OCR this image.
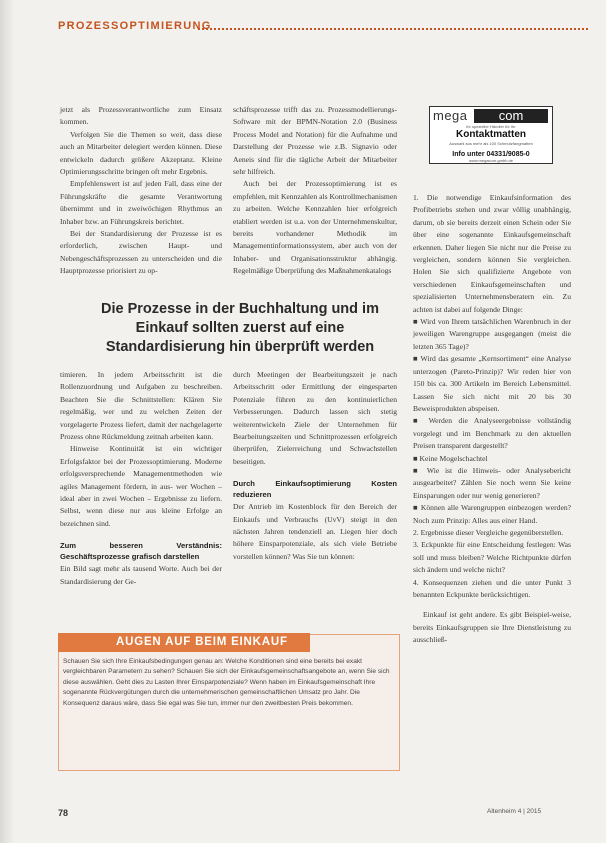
PROZESSOPTIMIERUNG

jetzt als Prozessverantwortliche zum Einsatz kommen.

Verfolgen Sie die Themen so weit, dass diese auch an Mitarbeiter delegiert werden können. Diese entwickeln dadurch größere Akzeptanz. Kleine Optimierungsschritte bringen oft mehr Ergebnis.

Empfehlenswert ist auf jeden Fall, dass eine der Führungskräfte die gesamte Verantwortung übernimmt und in zweiwöchigen Rhythmus an Inhaber bzw. an Führungskreis berichtet.

Bei der Standardisierung der Prozesse ist es erforderlich, zwischen Haupt- und Nebengeschäftsprozessen zu unterscheiden und die Hauptprozesse priorisiert zu op-

schäftsprozesse trifft das zu. Prozessmodellierungs-Software mit der BPMN-Notation 2.0 (Business Process Model and Notation) für die Aufnahme und Darstellung der Prozesse wie z.B. Signavio oder Aeneis sind für die tägliche Arbeit der Mitarbeiter sehr hilfreich.

Auch bei der Prozessoptimierung ist es empfehlen, mit Kennzahlen als Kontrollmechanismen zu arbeiten. Welche Kennzahlen hier erfolgreich etabliert werden ist u.a. von der Unternehmenskultur, bereits vorhandener Methodik im Managementinformationssystem, aber auch von der Inhaber- und Organisationsstruktur abhängig. Regelmäßige Überprüfung des Maßnahmenkatalogs

mega	com
ihr spezieller Händler für Ihr
Kontaktmatten
Auswahl aus mehr als 100 Schmutzfangmatten
Info unter 04331/9085-0
www.megacom-gmbh.de
Die Prozesse in der Buchhaltung und im Einkauf sollten zuerst auf eine Standardisierung hin überprüft werden

timieren. In jedem Arbeitsschritt ist die Rollenzuordnung und Aufgaben zu beschreiben. Beachten Sie die Schnittstellen: Klären Sie regelmäßig, wer und zu welchen Zeiten der vorgelagerte Prozess liefert, damit der nachgelagerte Prozess ohne Rückmeldung zeitnah arbeiten kann.

Hinweise Kontinuität ist ein wichtiger Erfolgsfaktor bei der Prozessoptimierung. Moderne erfolgsversprechende Managementmethoden wie agiles Management fördern, in aus- wer Wochen – ideal aber in zwei Wochen – Ergebnisse zu liefern. Selbst, wenn diese nur aus kleine Erfolge an bezeichnen sind.

Zum besseren Verständnis: Geschäftsprozesse grafisch darstellen

Ein Bild sagt mehr als tausend Worte. Auch bei der Standardisierung der Ge-

durch Meetingen der Bearbeitungszeit je nach Arbeitsschritt oder Ermittlung der eingesparten Potenziale führen zu den kontinuierlichen Verbesserungen. Dadurch lassen sich stetig weiterentwickeln Ziele der Unternehmen für Bearbeitungszeiten und Schnittprozessen erfolgreich überprüfen, Zielerreichung und Schwachstellen beseitigen.

Durch Einkaufsoptimierung Kosten reduzieren

Der Antrieb im Kostenblock für den Bereich der Einkaufs und Verbrauchs (UvV) steigt in den nächsten Jahren tendenziell an. Liegen hier doch höhere Einsparpotenziale, als sich viele Betriebe vorstellen können? Was Sie tun können:

1. Die notwendige Einkaufsinformation des Profibetriebs stehen und zwar völlig unabhängig, darum, ob sie bereits derzeit einen Schein oder Sie über eine sogenannte Einkaufsgemeinschaft erkennen. Daher liegen Sie nicht nur die Preise zu vergleichen, sondern können Sie vergleichen. Holen Sie sich qualifizierte Angebote von verschiedenen Einkaufsgemeinschaften und spezialisierten Unternehmensberatern ein. Zu achten ist dabei auf folgende Dinge:

■ Wird von Ihrem tatsächlichen Warenbruch in der jeweiligen Warengruppe ausgegangen (meist die letzten 365 Tage)?

■ Wird das gesamte „Kernsortiment“ eine Analyse unterzogen (Pareto-Prinzip)? Wir reden hier von 150 bis ca. 300 Artikeln im Bereich Lebensmittel. Lassen Sie sich nicht mit 20 bis 30 Beweisprodukten abspeisen.

■ Werden die Analyseergebnisse vollständig vorgelegt und im Benchmark zu den aktuellen Preisen transparent dargestellt?

■ Keine Mogelschachtel

■ Wie ist die Hinweis- oder Analysebericht ausgearbeitet? Zählen Sie noch wenn Sie keine Einsparungen oder nur wenig generieren?

■ Können alle Warengruppen einbezogen werden? Noch zum Prinzip: Alles aus einer Hand.

2. Ergebnisse dieser Vergleiche gegenüberstellen.

3. Eckpunkte für eine Entscheidung festlegen: Was soll und muss bleiben? Welche Richtpunkte dürfen sich ändern und welche nicht?

4. Konsequenzen ziehen und die unter Punkt 3 benannten Eckpunkte berücksichtigen.

Einkauf ist geht andere. Es gibt Beispiel-weise, bereits Einkaufsgruppen sie Ihre Dienstleistung zu ausschließ-

AUGEN AUF BEIM EINKAUF
Schauen Sie sich Ihre Einkaufsbedingungen genau an: Welche Konditionen sind eine bereits bei exakt vergleichbaren Parametern zu sehen? Schauen Sie sich der Einkaufsgemeinschaftsangebote an, wenn Sie sich diese auswählen. Geht dies zu Lasten Ihrer Einsparpotenziale? Wenn haben im Einkaufsgemeinschaft Ihre sogenannte Rückvergütungen durch die unternehmerischen gemeinschaftlichen Umsatz pro Jahr. Die Konsequenz daraus wäre, dass Sie egal was Sie tun, immer nur den zweitbesten Preis bekommen.
78	Altenheim 4 | 2015
